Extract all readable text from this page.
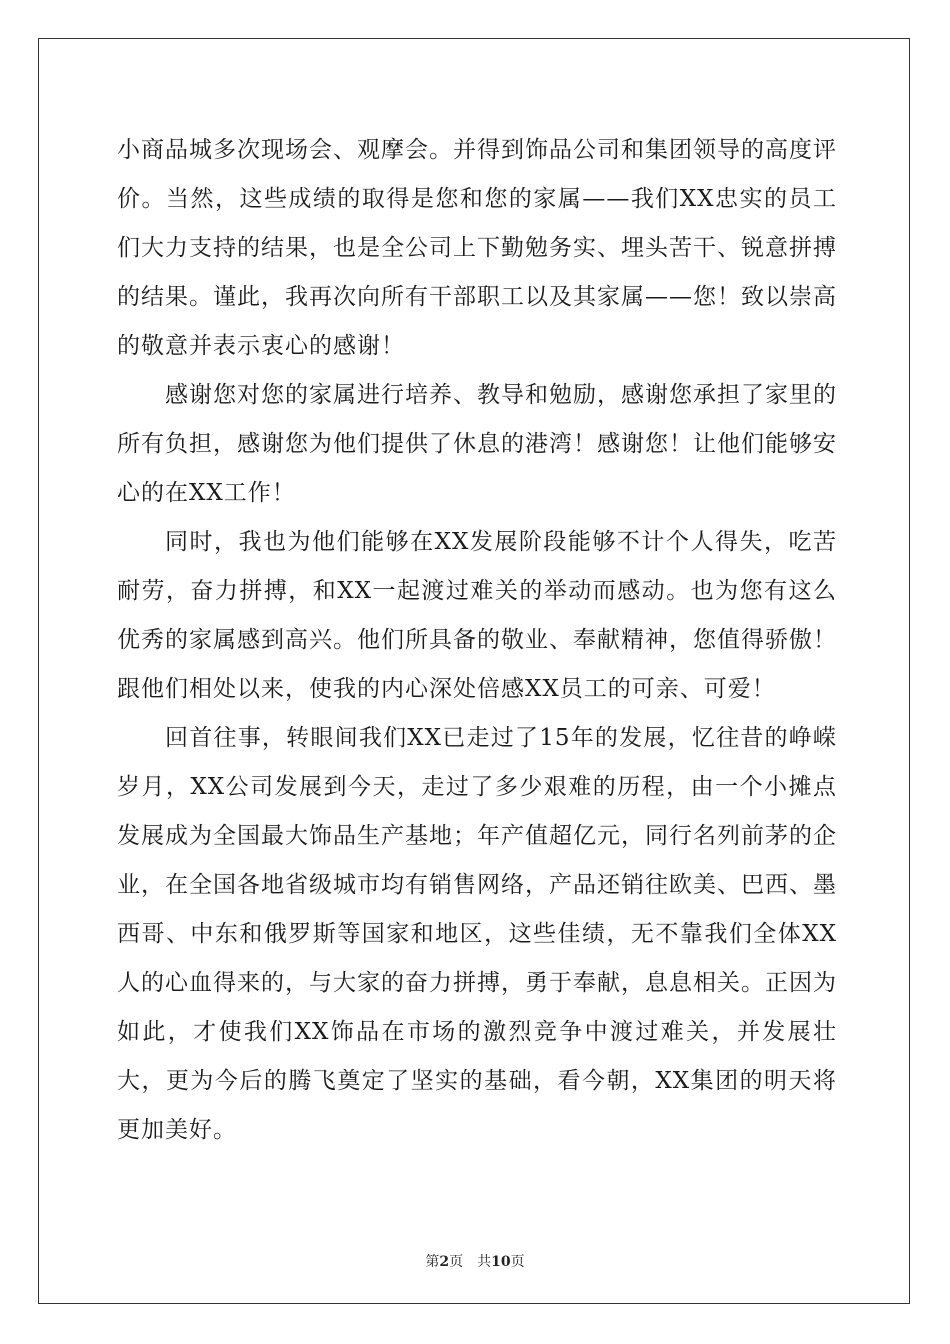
小商品城多次现场会、观摩会。并得到饰品公司和集团领导的高度评价。当然，这些成绩的取得是您和您的家属——我们XX忠实的员工们大力支持的结果，也是全公司上下勤勉务实、埋头苦干、锐意拼搏的结果。谨此，我再次向所有干部职工以及其家属——您！致以崇高的敬意并表示衷心的感谢！

感谢您对您的家属进行培养、教导和勉励，感谢您承担了家里的所有负担，感谢您为他们提供了休息的港湾！感谢您！让他们能够安心的在XX工作！

同时，我也为他们能够在XX发展阶段能够不计个人得失，吃苦耐劳，奋力拼搏，和XX一起渡过难关的举动而感动。也为您有这么优秀的家属感到高兴。他们所具备的敬业、奉献精神，您值得骄傲！跟他们相处以来，使我的内心深处倍感XX员工的可亲、可爱！

回首往事，转眼间我们XX已走过了15年的发展，忆往昔的峥嵘岁月，XX公司发展到今天，走过了多少艰难的历程，由一个小摊点发展成为全国最大饰品生产基地；年产值超亿元，同行名列前茅的企业，在全国各地省级城市均有销售网络，产品还销往欧美、巴西、墨西哥、中东和俄罗斯等国家和地区，这些佳绩，无不靠我们全体XX人的心血得来的，与大家的奋力拼搏，勇于奉献，息息相关。正因为如此，才使我们XX饰品在市场的激烈竞争中渡过难关，并发展壮大，更为今后的腾飞奠定了坚实的基础，看今朝，XX集团的明天将更加美好。

第2页 共10页
